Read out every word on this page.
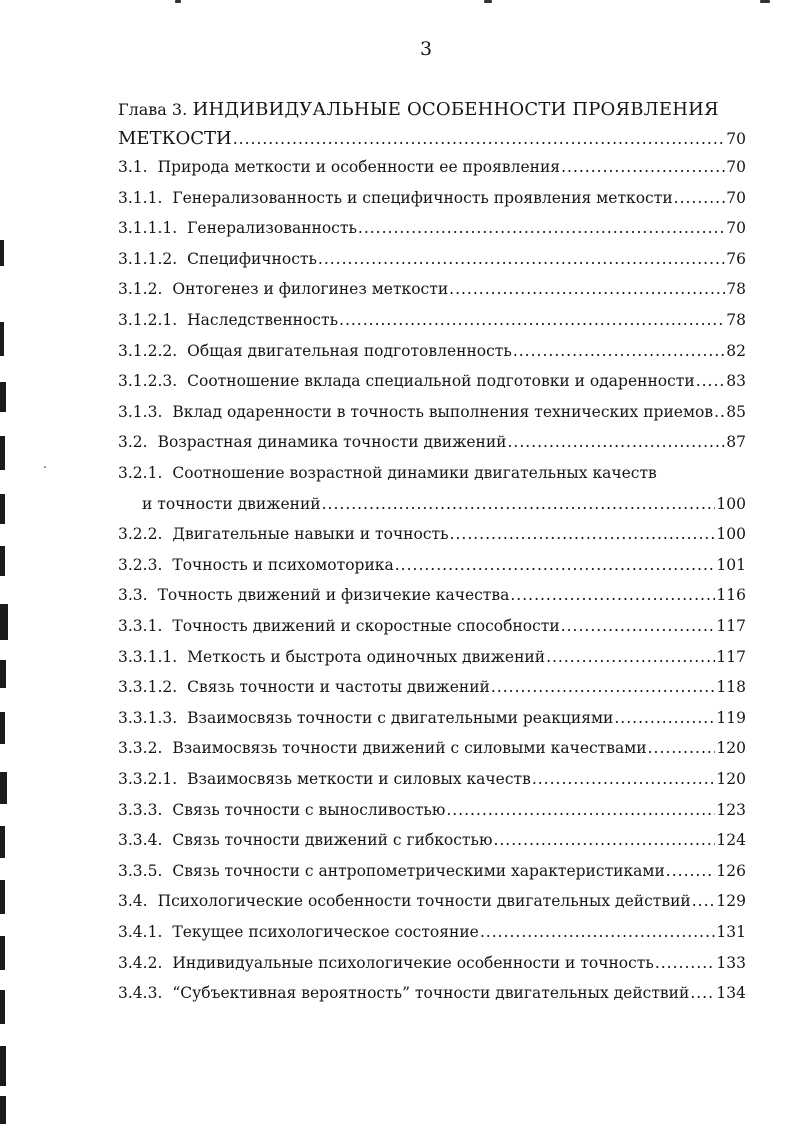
3
Глава 3. ИНДИВИДУАЛЬНЫЕ ОСОБЕННОСТИ ПРОЯВЛЕНИЯ
МЕТКОСТИ .....	70
3.1. Природа меткости и особенности ее проявления .....	70
3.1.1. Генерализованность и специфичность проявления меткости .....	70
3.1.1.1. Генерализованность .....	70
3.1.1.2. Специфичность .....	76
3.1.2. Онтогенез и филогинез меткости .....	78
3.1.2.1. Наследственность .....	78
3.1.2.2. Общая двигательная подготовленность .....	82
3.1.2.3. Соотношение вклада специальной подготовки и одаренности ..... 83
3.1.3. Вклад одаренности в точность выполнения технических приемов ..... 85
3.2. Возрастная динамика точности движений .....	87
3.2.1. Соотношение возрастной динамики двигательных качеств
и точности движений .....	100
3.2.2. Двигательные навыки и точность .....	100
3.2.3. Точность и психомоторика .....	101
3.3. Точность движений и физичекие качества .....	116
3.3.1. Точность движений и скоростные способности .....	117
3.3.1.1. Меткость и быстрота одиночных движений .....	117
3.3.1.2. Связь точности и частоты движений .....	118
3.3.1.3. Взаимосвязь точности с двигательными реакциями .....	119
3.3.2. Взаимосвязь точности движений с силовыми качествами .....	120
3.3.2.1. Взаимосвязь меткости и силовых качеств .....	120
3.3.3. Связь точности с выносливостью .....	123
3.3.4. Связь точности движений с гибкостью .....	124
3.3.5. Связь точности с антропометрическими характеристиками .....	126
3.4. Психологические особенности точности двигательных действий ..... 129
3.4.1. Текущее психологическое состояние .....	131
3.4.2. Индивидуальные психологичекие особенности и точность .....	133
3.4.3. “Субъективная вероятность” точности двигательных действий ..... 134
